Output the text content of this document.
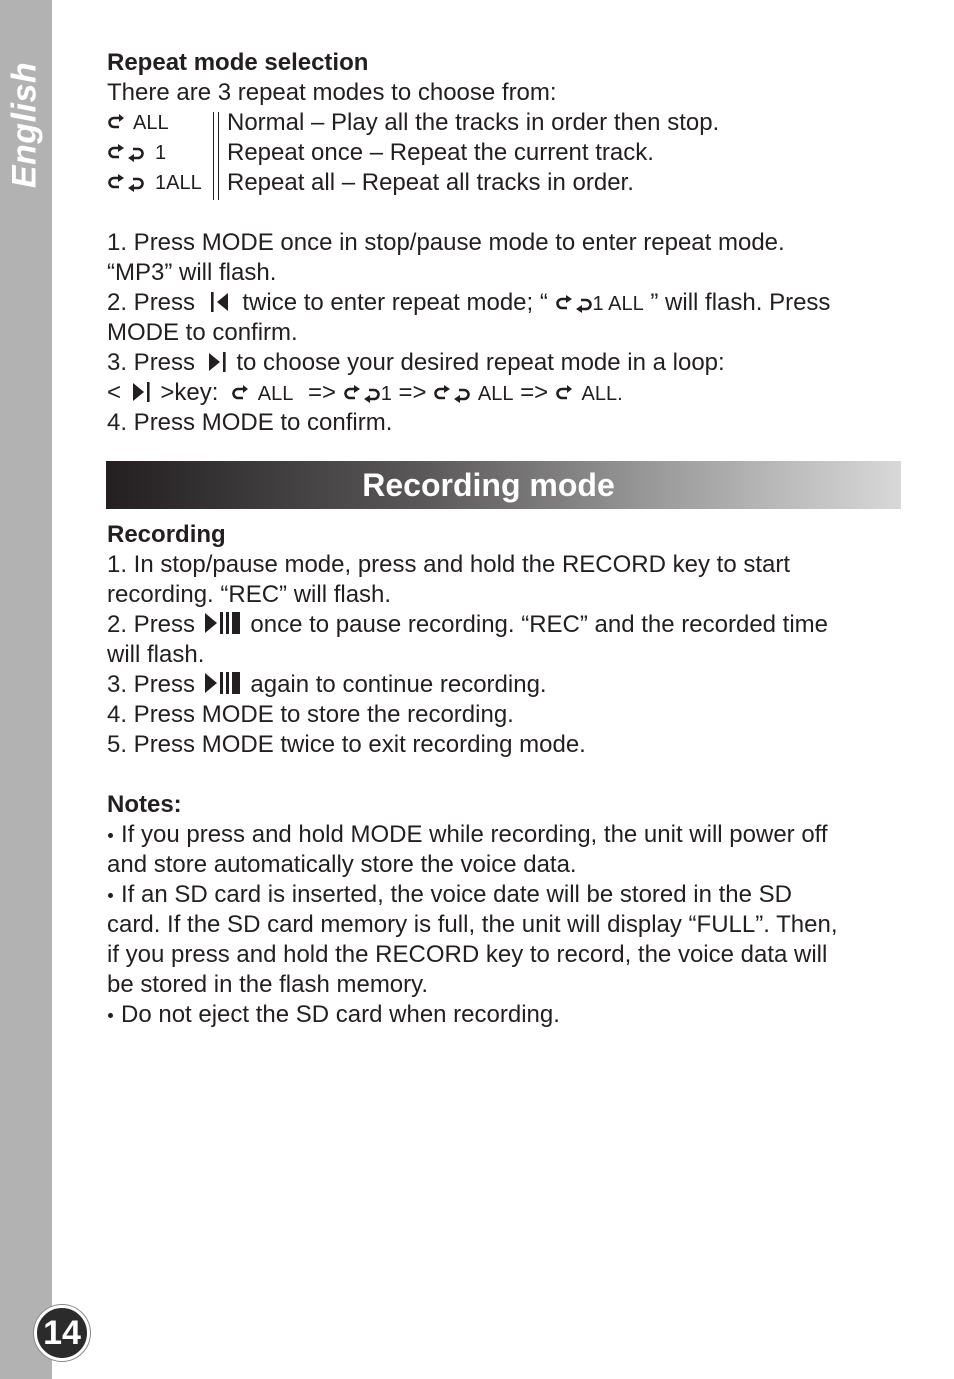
English
14
Repeat mode selection
There are 3 repeat modes to choose from:
ALL	Normal – Play all the tracks in order then stop.
1	Repeat once – Repeat the current track.
1ALL	Repeat all – Repeat all tracks in order.
1. Press MODE once in stop/pause mode to enter repeat mode.
“MP3” will flash.
2. Press twice to enter repeat mode; “ 1 ALL ” will flash. Press
MODE to confirm.
3. Press to choose your desired repeat mode in a loop:
< >key: ALL => 1 =>	ALL => ALL.
4. Press MODE to confirm.
Recording mode
Recording
1. In stop/pause mode, press and hold the RECORD key to start
recording. “REC” will flash.
2. Press once to pause recording. “REC” and the recorded time
will flash.
3. Press again to continue recording.
4. Press MODE to store the recording.
5. Press MODE twice to exit recording mode.
Notes:
If you press and hold MODE while recording, the unit will power off
and store automatically store the voice data.
If an SD card is inserted, the voice date will be stored in the SD
card. If the SD card memory is full, the unit will display “FULL”. Then,
if you press and hold the RECORD key to record, the voice data will
be stored in the flash memory.
Do not eject the SD card when recording.
